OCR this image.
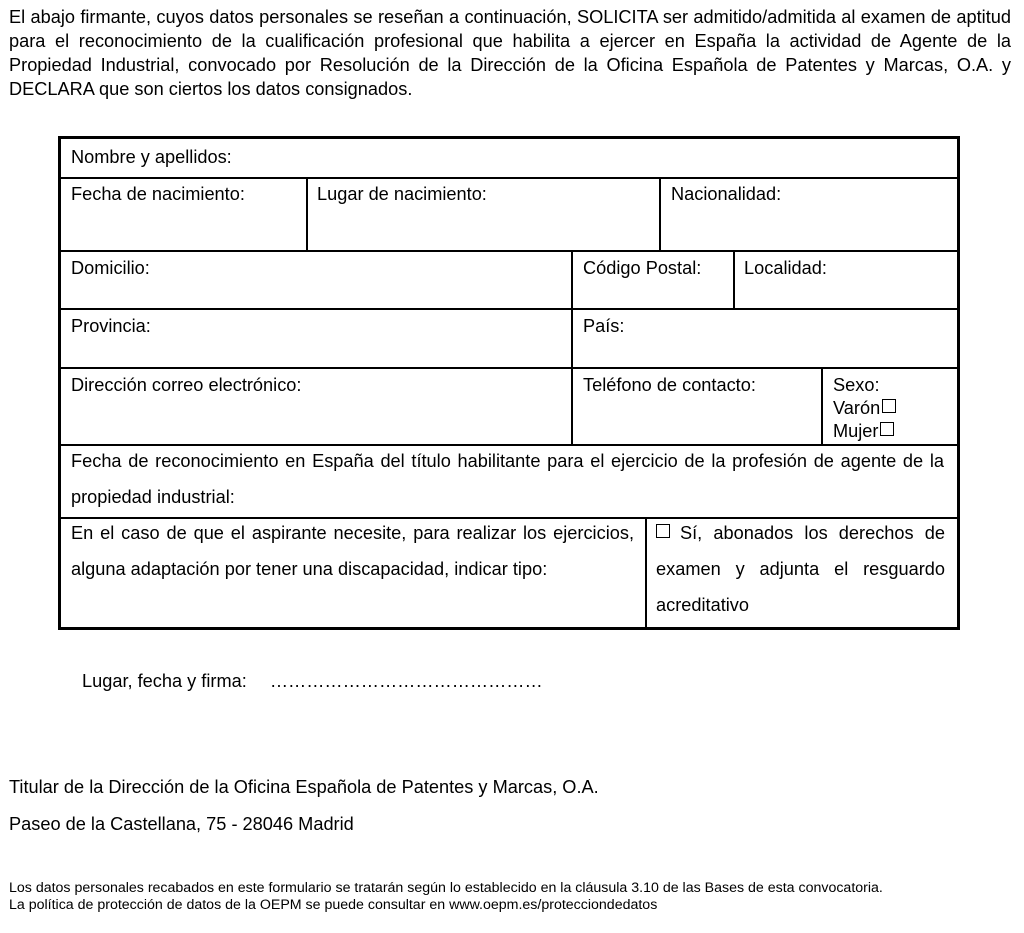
El abajo firmante, cuyos datos personales se reseñan a continuación, SOLICITA ser admitido/admitida al examen de aptitud para el reconocimiento de la cualificación profesional que habilita a ejercer en España la actividad de Agente de la Propiedad Industrial, convocado por Resolución de la Dirección de la Oficina Española de Patentes y Marcas, O.A. y DECLARA que son ciertos los datos consignados.

Nombre y apellidos:
Fecha de nacimiento:	Lugar de nacimiento:	Nacionalidad:
Domicilio:	Código Postal: Localidad:
Provincia:	País:
Dirección correo electrónico:	Teléfono de contacto:	Sexo:
Varón
Mujer

Fecha de reconocimiento en España del título habilitante para el ejercicio de la profesión de agente de la propiedad industrial:

En el caso de que el aspirante necesite, para realizar los ejercicios, alguna adaptación por tener una discapacidad, indicar tipo:

Sí, abonados los derechos de examen y adjunta el resguardo acreditativo

Lugar, fecha y firma: ………………………………………
Titular de la Dirección de la Oficina Española de Patentes y Marcas, O.A.
Paseo de la Castellana, 75 - 28046 Madrid
Los datos personales recabados en este formulario se tratarán según lo establecido en la cláusula 3.10 de las Bases de esta convocatoria.
La política de protección de datos de la OEPM se puede consultar en www.oepm.es/protecciondedatos
